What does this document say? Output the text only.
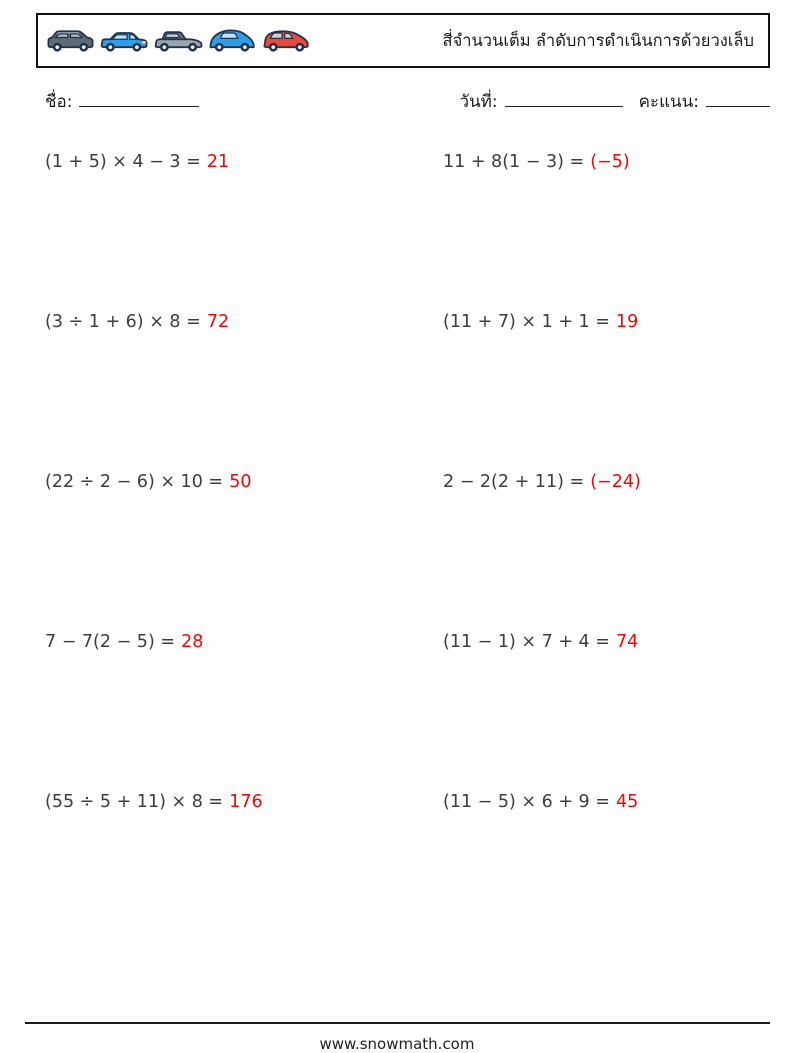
สี่จำนวนเต็ม ลำดับการดำเนินการด้วยวงเล็บ
ชื่อ:	วันที่:	คะแนน:
(1 + 5) × 4 − 3 = 21	11 + 8(1 − 3) = (−5)
(3 ÷ 1 + 6) × 8 = 72	(11 + 7) × 1 + 1 = 19
(22 ÷ 2 − 6) × 10 = 50	2 − 2(2 + 11) = (−24)
7 − 7(2 − 5) = 28	(11 − 1) × 7 + 4 = 74
(55 ÷ 5 + 11) × 8 = 176	(11 − 5) × 6 + 9 = 45
www.snowmath.com
